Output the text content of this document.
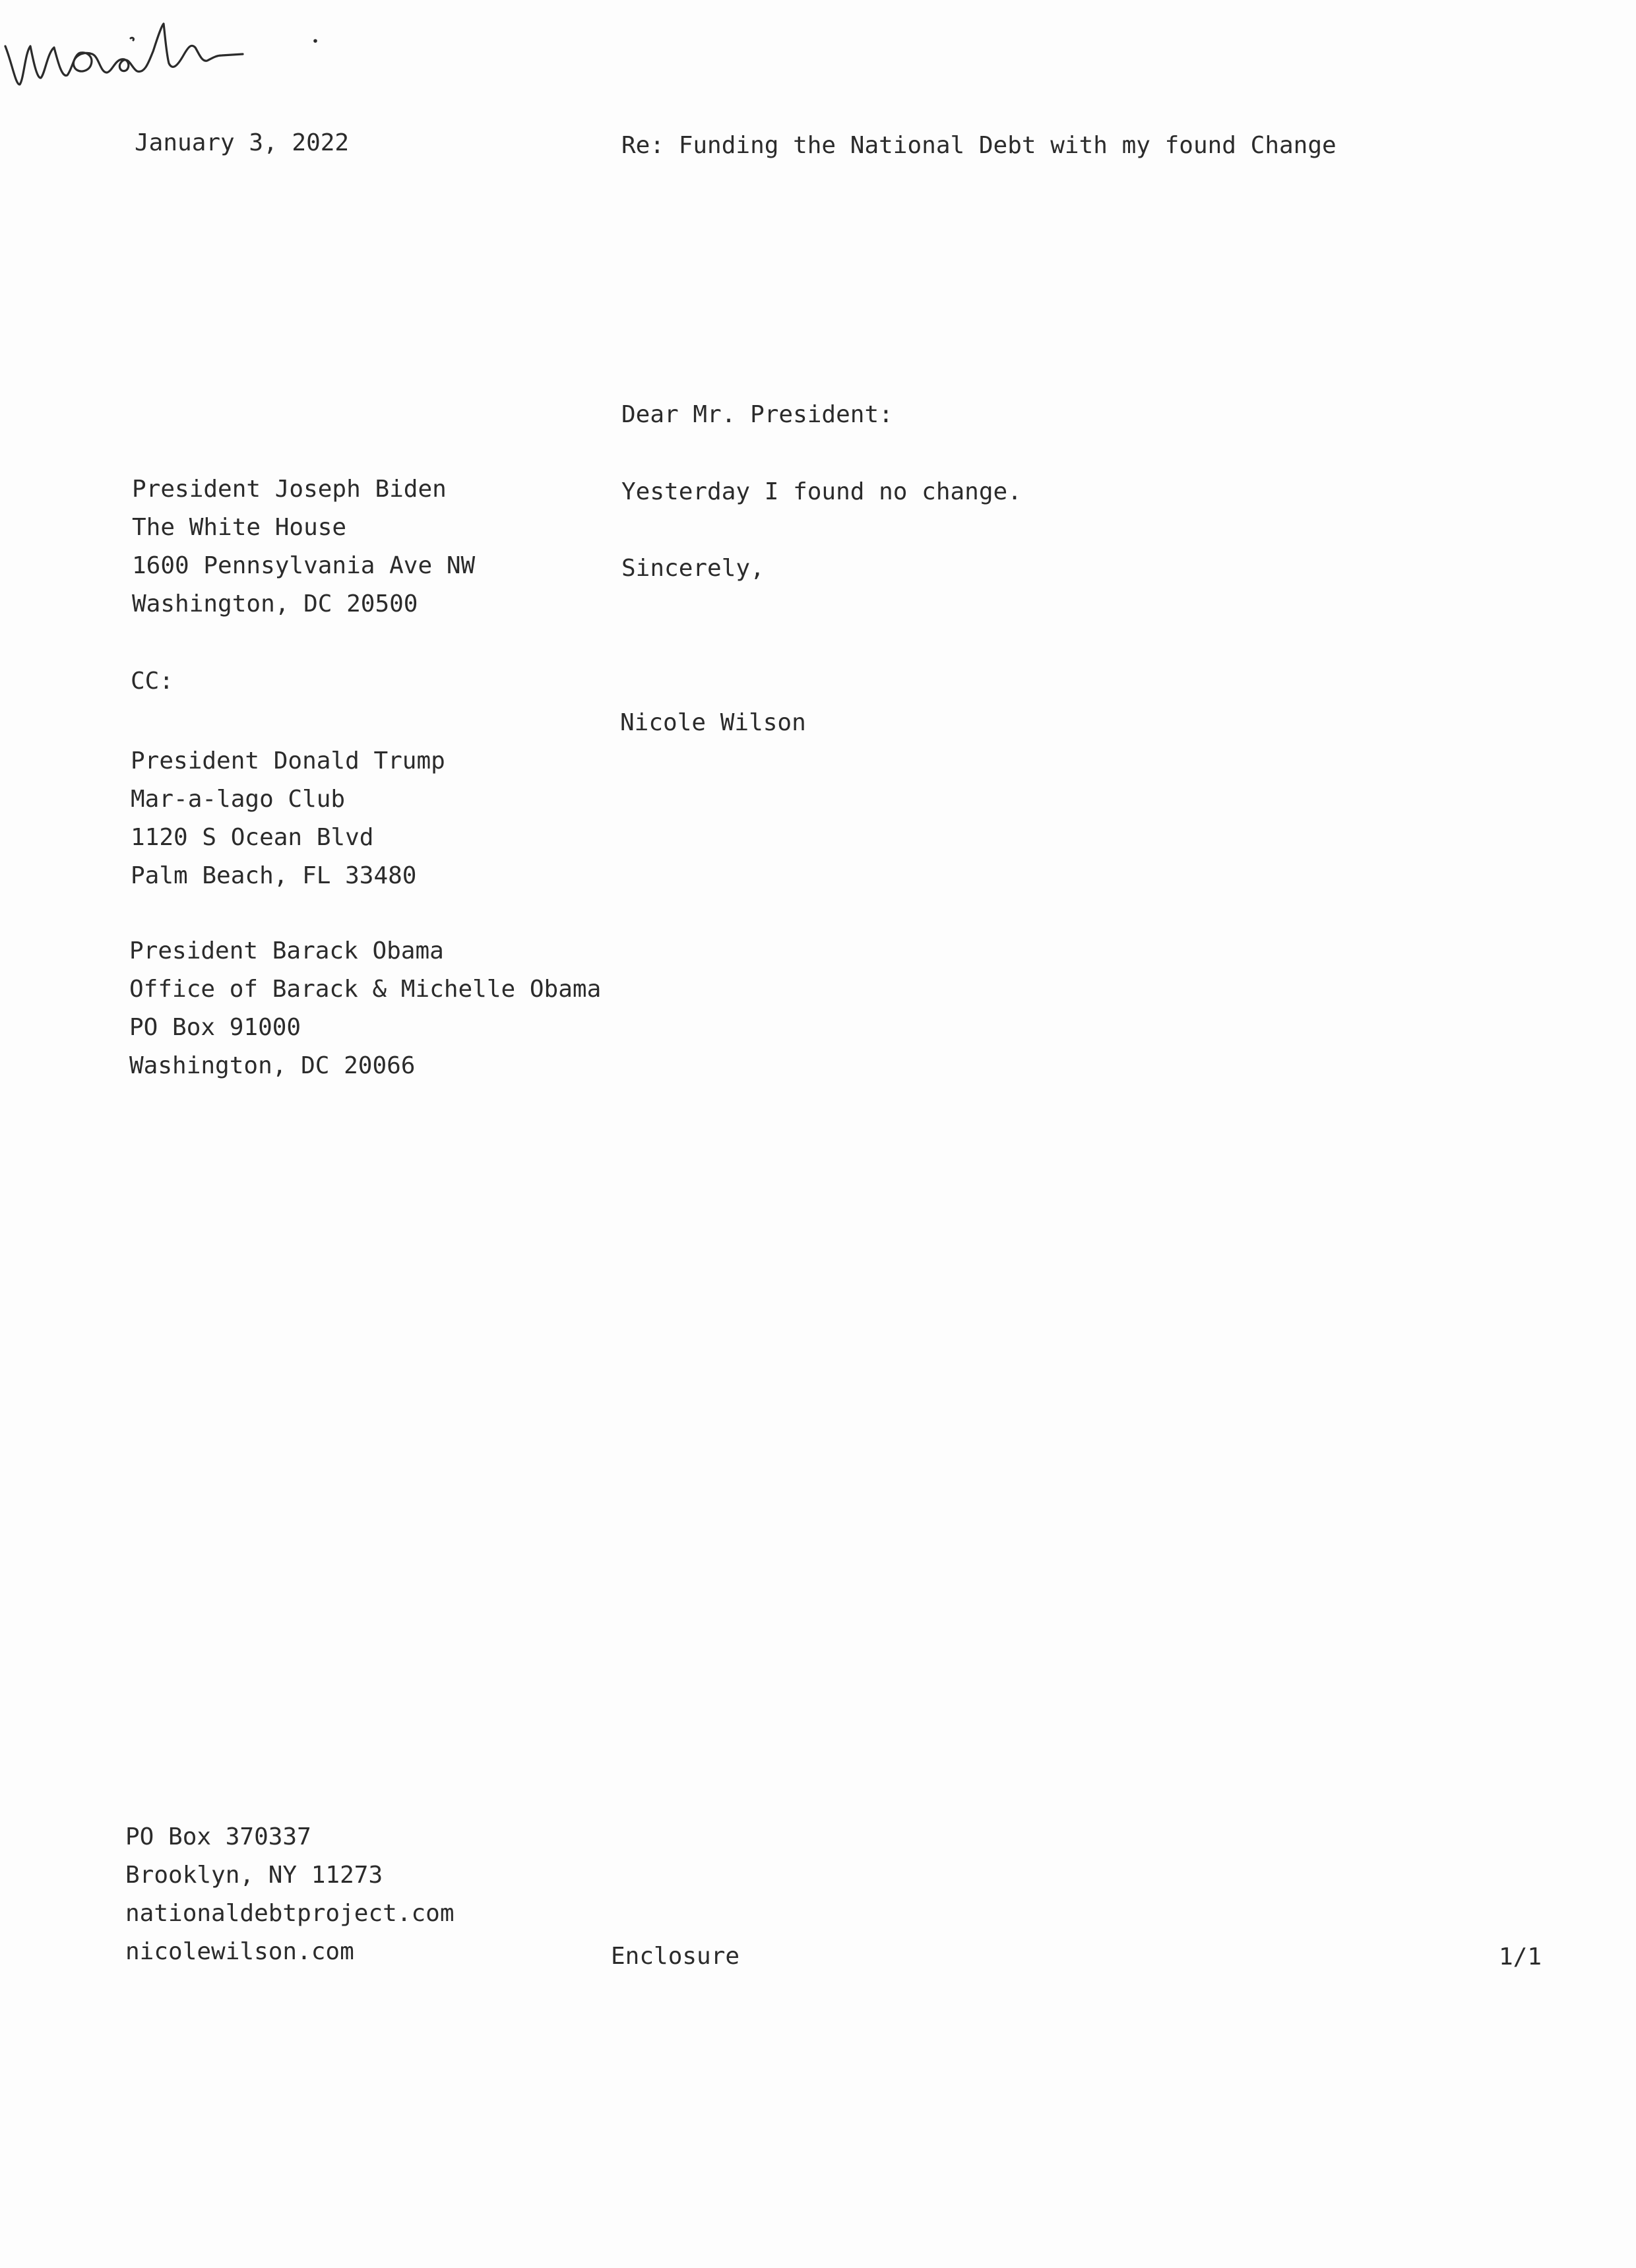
January 3, 2022	Re: Funding the National Debt with my found Change
Dear Mr. President:
Yesterday I found no change.
Sincerely,
Nicole Wilson
President Joseph Biden
The White House
1600 Pennsylvania Ave NW
Washington, DC 20500
CC:
President Donald Trump
Mar-a-lago Club
1120 S Ocean Blvd
Palm Beach, FL 33480
President Barack Obama
Office of Barack & Michelle Obama
PO Box 91000
Washington, DC 20066
PO Box 370337
Brooklyn, NY 11273
nationaldebtproject.com
nicolewilson.com	Enclosure	1/1
